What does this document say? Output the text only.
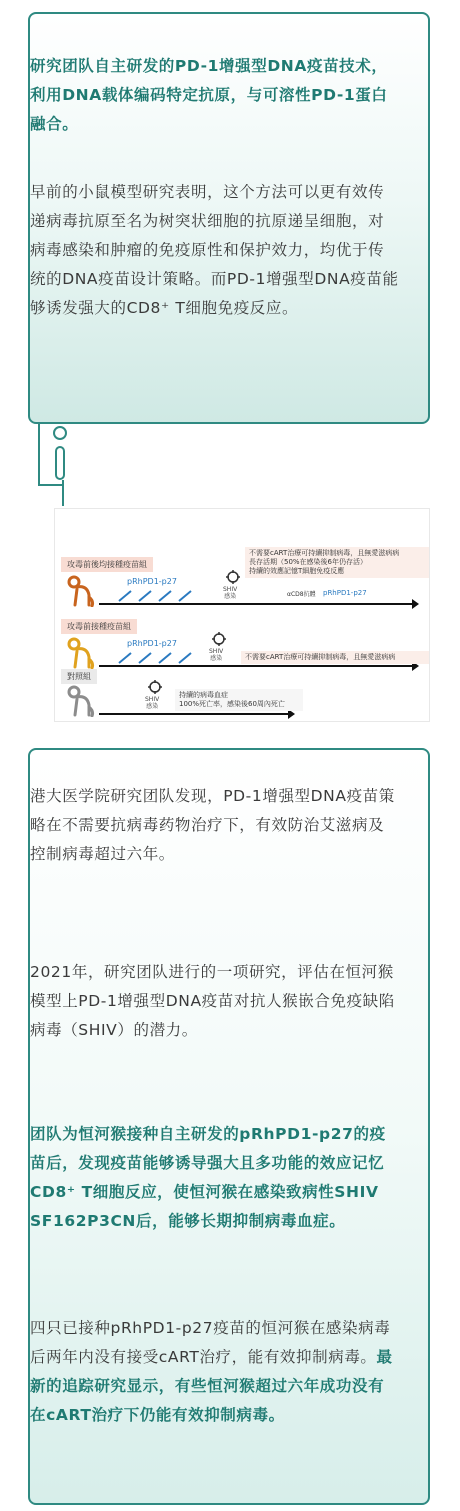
研究团队自主研发的PD-1增强型DNA疫苗技术，利用DNA载体编码特定抗原，与可溶性PD-1蛋白融合。
早前的小鼠模型研究表明，这个方法可以更有效传递病毒抗原至名为树突状细胞的抗原递呈细胞，对病毒感染和肿瘤的免疫原性和保护效力，均优于传统的DNA疫苗设计策略。而PD-1增强型DNA疫苗能够诱发强大的CD8⁺ T细胞免疫反应。
攻毒前後均接種疫苗組
pRhPD1-p27
SHIV
感染	αCD8抗體 pRhPD1-p27
不需要cART治療可持續抑制病毒，且無愛滋病病
長存活期（50%在感染後6年仍存活）
持續的效應記憶T細胞免疫反應
攻毒前接種疫苗組
pRhPD1-p27
SHIV
感染	不需要cART治療可持續抑制病毒，且無愛滋病病
對照組
SHIV
感染
持續的病毒血症
100%死亡率，感染後60周內死亡
港大医学院研究团队发现，PD-1增强型DNA疫苗策略在不需要抗病毒药物治疗下，有效防治艾滋病及控制病毒超过六年。
2021年，研究团队进行的一项研究，评估在恒河猴模型上PD-1增强型DNA疫苗对抗人猴嵌合免疫缺陷病毒（SHIV）的潜力。
团队为恒河猴接种自主研发的pRhPD1-p27的疫苗后，发现疫苗能够诱导强大且多功能的效应记忆CD8⁺ T细胞反应，使恒河猴在感染致病性SHIV SF162P3CN后，能够长期抑制病毒血症。
四只已接种pRhPD1-p27疫苗的恒河猴在感染病毒后两年内没有接受cART治疗，能有效抑制病毒。最新的追踪研究显示，有些恒河猴超过六年成功没有在cART治疗下仍能有效抑制病毒。
